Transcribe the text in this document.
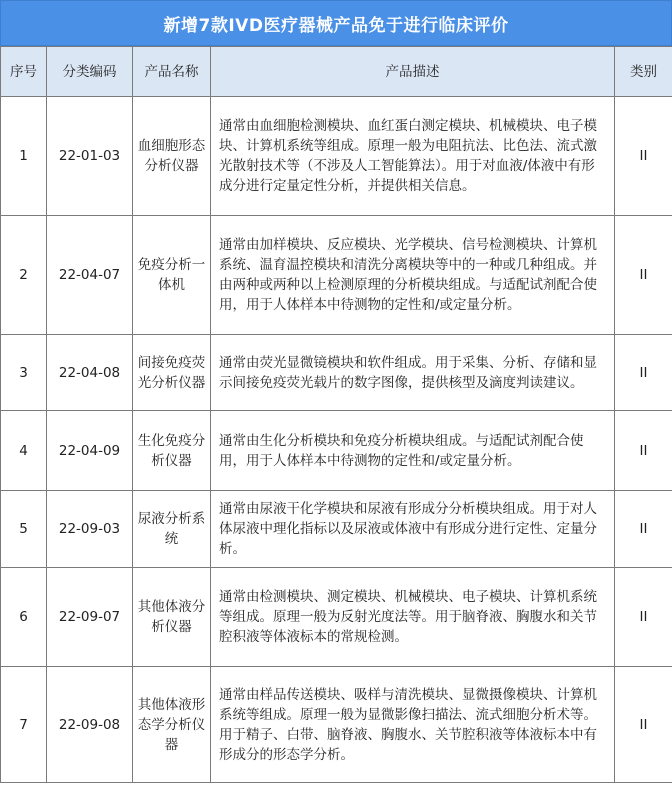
新增7款IVD医疗器械产品免于进行临床评价
序号	分类编码	产品名称	产品描述	类别
1	22-01-03	血细胞形态分析仪器	通常由血细胞检测模块、血红蛋白测定模块、机械模块、电子模块、计算机系统等组成。原理一般为电阻抗法、比色法、流式激光散射技术等（不涉及人工智能算法）。用于对血液/体液中有形成分进行定量定性分析，并提供相关信息。	II
2	22-04-07	免疫分析一体机	通常由加样模块、反应模块、光学模块、信号检测模块、计算机系统、温育温控模块和清洗分离模块等中的一种或几种组成。并由两种或两种以上检测原理的分析模块组成。与适配试剂配合使用，用于人体样本中待测物的定性和/或定量分析。	II
3	22-04-08	间接免疫荧光分析仪器	通常由荧光显微镜模块和软件组成。用于采集、分析、存储和显示间接免疫荧光载片的数字图像，提供核型及滴度判读建议。	II
4	22-04-09	生化免疫分析仪器	通常由生化分析模块和免疫分析模块组成。与适配试剂配合使用，用于人体样本中待测物的定性和/或定量分析。	II
5	22-09-03	尿液分析系统	通常由尿液干化学模块和尿液有形成分分析模块组成。用于对人体尿液中理化指标以及尿液或体液中有形成分进行定性、定量分析。	II
6	22-09-07	其他体液分析仪器	通常由检测模块、测定模块、机械模块、电子模块、计算机系统等组成。原理一般为反射光度法等。用于脑脊液、胸腹水和关节腔积液等体液标本的常规检测。	II
7	22-09-08	其他体液形态学分析仪器	通常由样品传送模块、吸样与清洗模块、显微摄像模块、计算机系统等组成。原理一般为显微影像扫描法、流式细胞分析术等。用于精子、白带、脑脊液、胸腹水、关节腔积液等体液标本中有形成分的形态学分析。	II
